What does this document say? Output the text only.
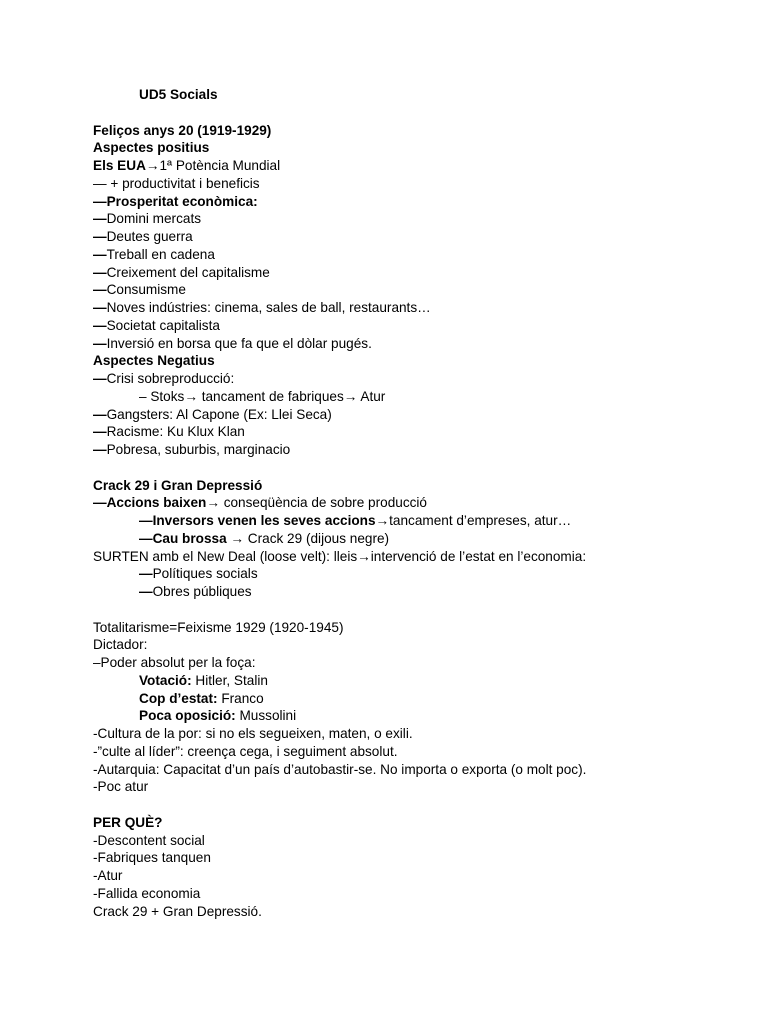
UD5 Socials
Feliços anys 20 (1919-1929)
Aspectes positius
Els EUA→1ª Potència Mundial
— + productivitat i beneficis
—Prosperitat econòmica:
—Domini mercats
—Deutes guerra
—Treball en cadena
—Creixement del capitalisme
—Consumisme
—Noves indústries: cinema, sales de ball, restaurants…
—Societat capitalista
—Inversió en borsa que fa que el dòlar pugés.
Aspectes Negatius
—Crisi sobreproducció:
– Stoks→ tancament de fabriques→ Atur
—Gangsters: Al Capone (Ex: Llei Seca)
—Racisme: Ku Klux Klan
—Pobresa, suburbis, marginacio
Crack 29 i Gran Depressió
—Accions baixen→ conseqüència de sobre producció
—Inversors venen les seves accions→tancament d’empreses, atur…
—Cau brossa → Crack 29 (dijous negre)
SURTEN amb el New Deal (loose velt): lleis→intervenció de l’estat en l’economia:
—Polítiques socials
—Obres públiques
Totalitarisme=Feixisme 1929 (1920-1945)
Dictador:
–Poder absolut per la foça:
Votació: Hitler, Stalin
Cop d’estat: Franco
Poca oposició: Mussolini
-Cultura de la por: si no els segueixen, maten, o exili.
-”culte al líder”: creença cega, i seguiment absolut.
-Autarquia: Capacitat d’un país d’autobastir-se. No importa o exporta (o molt poc).
-Poc atur
PER QUÈ?
-Descontent social
-Fabriques tanquen
-Atur
-Fallida economia
Crack 29 + Gran Depressió.
